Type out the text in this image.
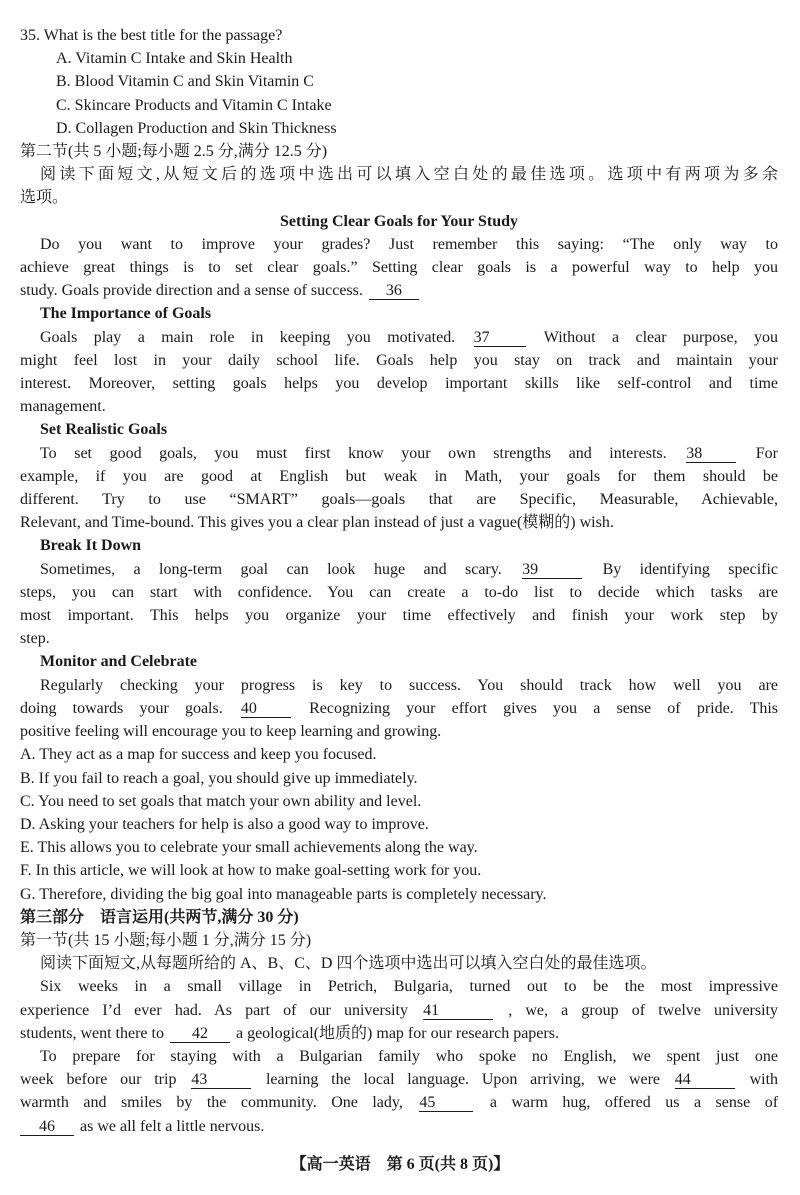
35. What is the best title for the passage?
A. Vitamin C Intake and Skin Health
B. Blood Vitamin C and Skin Vitamin C
C. Skincare Products and Vitamin C Intake
D. Collagen Production and Skin Thickness
第二节(共 5 小题;每小题 2.5 分,满分 12.5 分)
阅读下面短文,从短文后的选项中选出可以填入空白处的最佳选项。选项中有两项为多余
选项。
Setting Clear Goals for Your Study
Do you want to improve your grades? Just remember this saying: “The only way to
achieve great things is to set clear goals.” Setting clear goals is a powerful way to help you
study. Goals provide direction and a sense of success. 36
The Importance of Goals
Goals play a main role in keeping you motivated. 37	Without a clear purpose, you
might feel lost in your daily school life. Goals help you stay on track and maintain your
interest. Moreover, setting goals helps you develop important skills like self-control and time
management.
Set Realistic Goals
To set good goals, you must first know your own strengths and interests. 38	For
example, if you are good at English but weak in Math, your goals for them should be
different. Try to use “SMART” goals—goals that are Specific, Measurable, Achievable,
Relevant, and Time-bound. This gives you a clear plan instead of just a vague(模糊的) wish.
Break It Down
Sometimes, a long-term goal can look huge and scary. 39	By identifying specific
steps, you can start with confidence. You can create a to-do list to decide which tasks are
most important. This helps you organize your time effectively and finish your work step by
step.
Monitor and Celebrate
Regularly checking your progress is key to success. You should track how well you are
doing towards your goals. 40	Recognizing your effort gives you a sense of pride. This
positive feeling will encourage you to keep learning and growing.
A. They act as a map for success and keep you focused.
B. If you fail to reach a goal, you should give up immediately.
C. You need to set goals that match your own ability and level.
D. Asking your teachers for help is also a good way to improve.
E. This allows you to celebrate your small achievements along the way.
F. In this article, we will look at how to make goal-setting work for you.
G. Therefore, dividing the big goal into manageable parts is completely necessary.
第三部分　语言运用(共两节,满分 30 分)
第一节(共 15 小题;每小题 1 分,满分 15 分)
阅读下面短文,从每题所给的 A、B、C、D 四个选项中选出可以填入空白处的最佳选项。
Six weeks in a small village in Petrich, Bulgaria, turned out to be the most impressive
experience I’d ever had. As part of our university 41	, we, a group of twelve university
students, went there to 42 a geological(地质的) map for our research papers.
To prepare for staying with a Bulgarian family who spoke no English, we spent just one
week before our trip 43	learning the local language. Upon arriving, we were 44	with
warmth and smiles by the community. One lady, 45	a warm hug, offered us a sense of
46 as we all felt a little nervous.
【高一英语　第 6 页(共 8 页)】
